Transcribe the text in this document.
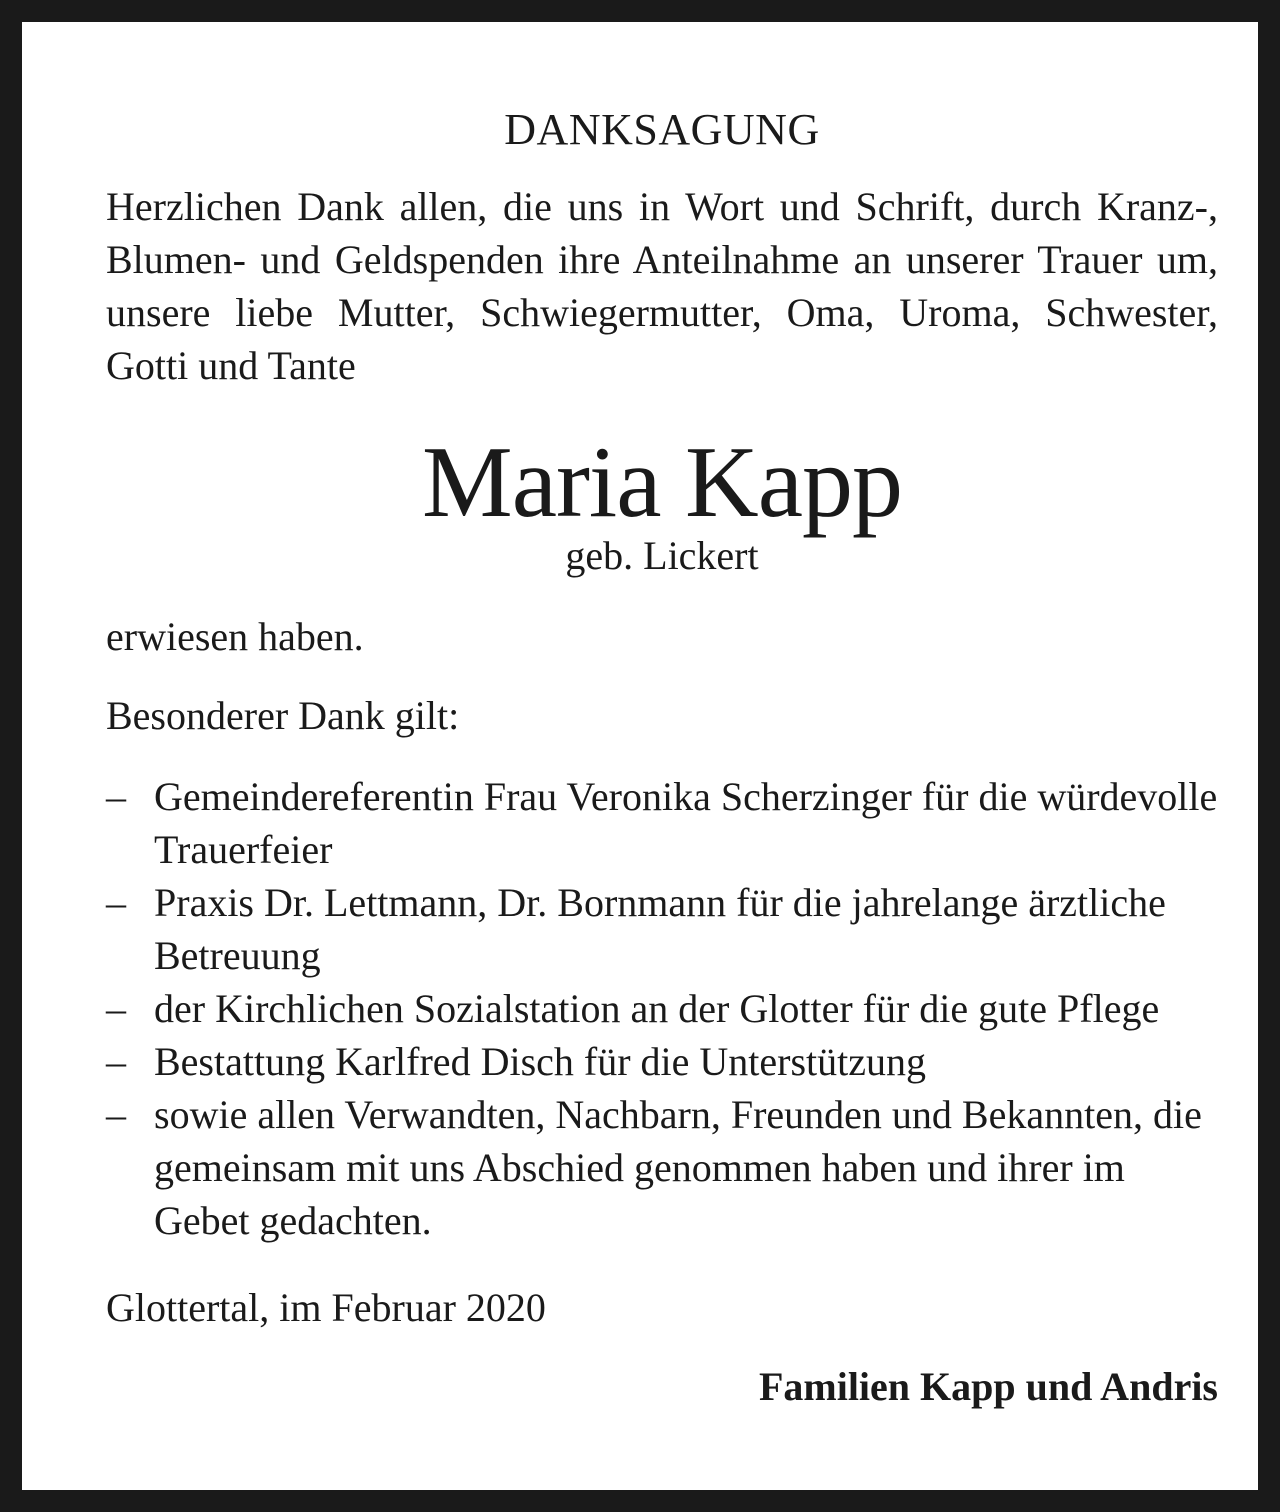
DANKSAGUNG

Herzlichen Dank allen, die uns in Wort und Schrift, durch Kranz-, Blumen- und Geldspenden ihre Anteilnahme an unserer Trauer um, unsere liebe Mutter, Schwiegermutter, Oma, Uroma, Schwester, Gotti und Tante

Maria Kapp
geb. Lickert

erwiesen haben.

Besonderer Dank gilt:

– Gemeindereferentin Frau Veronika Scherzinger für die würdevolle Trauerfeier
– Praxis Dr. Lettmann, Dr. Bornmann für die jahrelange ärztliche Betreuung
– der Kirchlichen Sozialstation an der Glotter für die gute Pflege
– Bestattung Karlfred Disch für die Unterstützung
– sowie allen Verwandten, Nachbarn, Freunden und Bekannten, die gemeinsam mit uns Abschied genommen haben und ihrer im Gebet gedachten.

Glottertal, im Februar 2020

Familien Kapp und Andris
